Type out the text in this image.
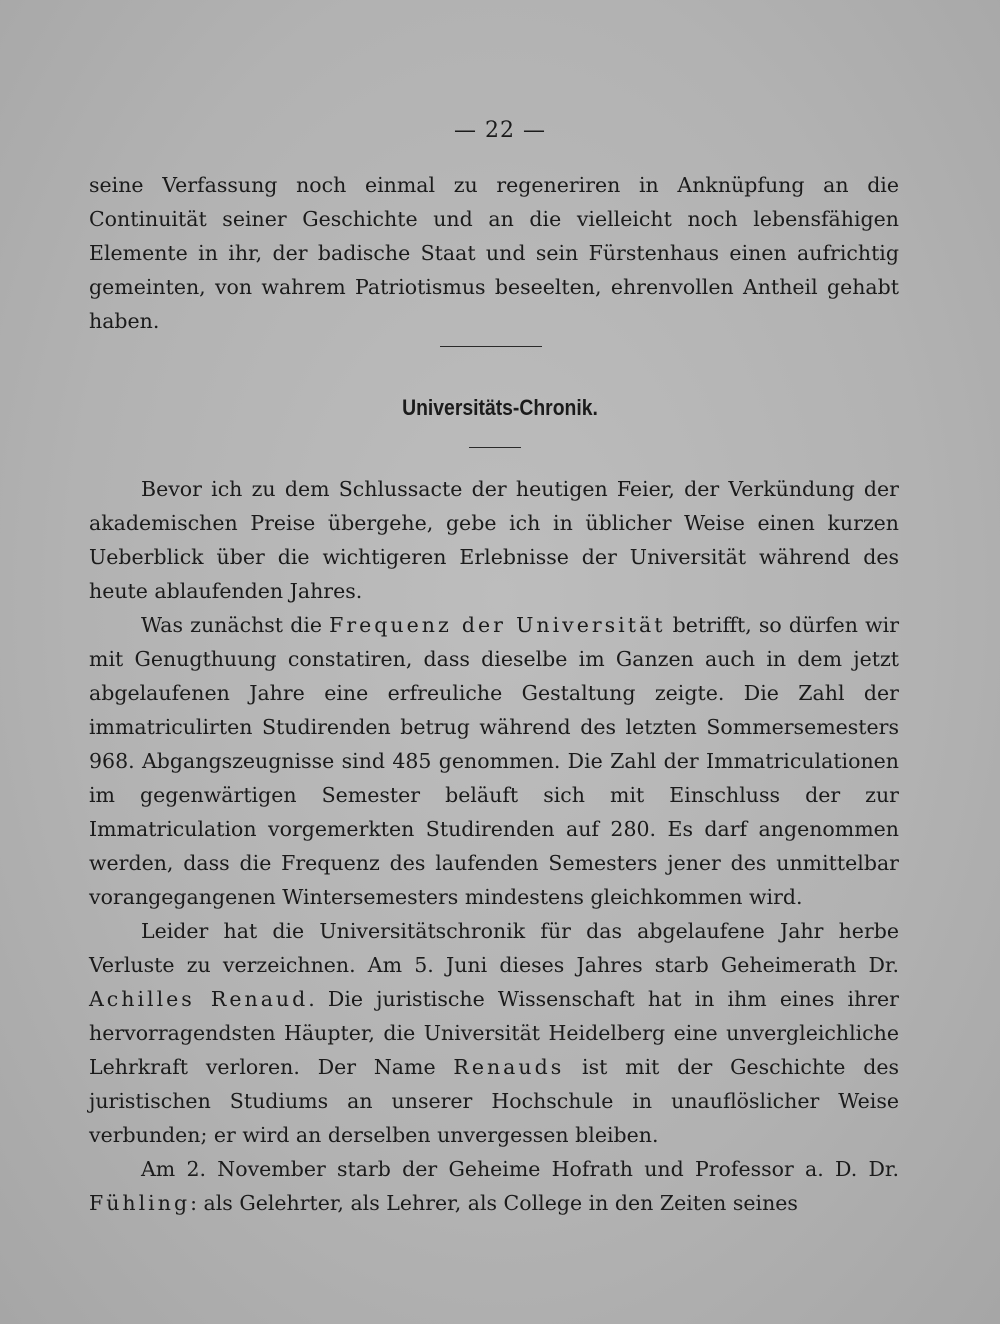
— 22 —

seine Verfassung noch einmal zu regeneriren in Anknüpfung an die Continuität seiner Geschichte und an die vielleicht noch lebensfähigen Elemente in ihr, der badische Staat und sein Fürstenhaus einen aufrichtig gemeinten, von wahrem Patriotismus beseelten, ehrenvollen Antheil gehabt haben.

Universitäts-Chronik.

Bevor ich zu dem Schlussacte der heutigen Feier, der Verkündung der akademischen Preise übergehe, gebe ich in üblicher Weise einen kurzen Ueberblick über die wichtigeren Erlebnisse der Universität während des heute ablaufenden Jahres.

Was zunächst die Frequenz der Universität betrifft, so dürfen wir mit Genugthuung constatiren, dass dieselbe im Ganzen auch in dem jetzt abgelaufenen Jahre eine erfreuliche Gestaltung zeigte. Die Zahl der immatriculirten Studirenden betrug während des letzten Sommersemesters 968. Abgangszeugnisse sind 485 genommen. Die Zahl der Immatriculationen im gegenwärtigen Semester beläuft sich mit Einschluss der zur Immatriculation vorgemerkten Studirenden auf 280. Es darf angenommen werden, dass die Frequenz des laufenden Semesters jener des unmittelbar vorangegangenen Wintersemesters mindestens gleichkommen wird.

Leider hat die Universitätschronik für das abgelaufene Jahr herbe Verluste zu verzeichnen. Am 5. Juni dieses Jahres starb Geheimerath Dr. Achilles Renaud. Die juristische Wissenschaft hat in ihm eines ihrer hervorragendsten Häupter, die Universität Heidelberg eine unvergleichliche Lehrkraft verloren. Der Name Renauds ist mit der Geschichte des juristischen Studiums an unserer Hochschule in unauflöslicher Weise verbunden; er wird an derselben unvergessen bleiben.

Am 2. November starb der Geheime Hofrath und Professor a. D. Dr. Fühling: als Gelehrter, als Lehrer, als College in den Zeiten seines
